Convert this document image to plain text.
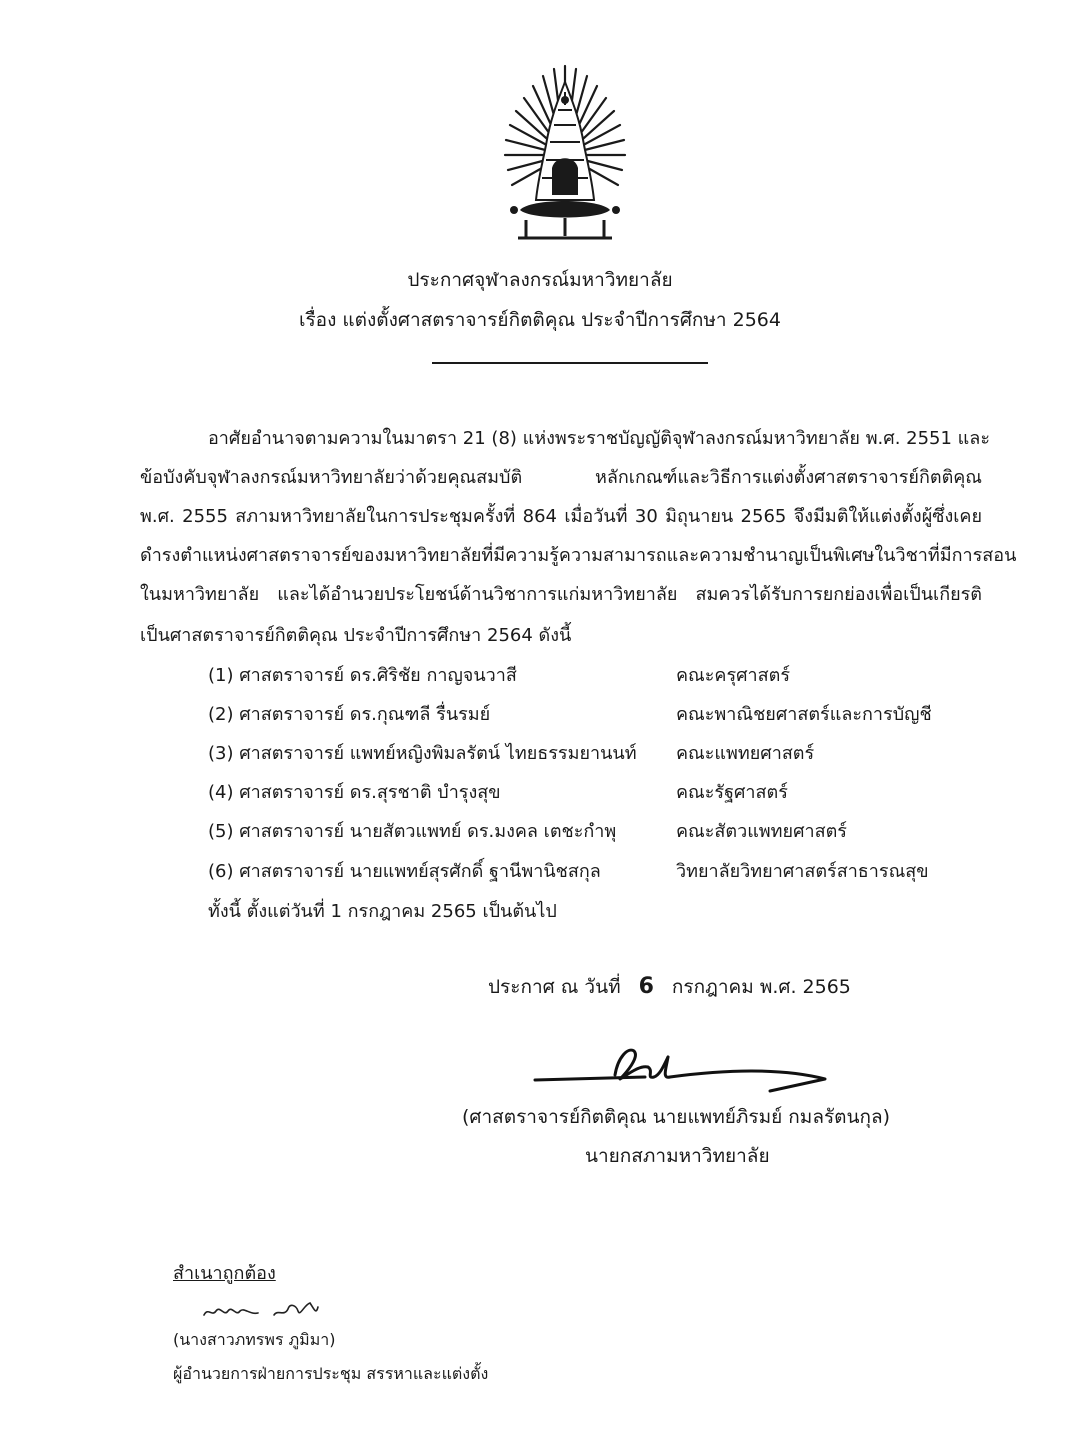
ประกาศจุฬาลงกรณ์มหาวิทยาลัย
เรื่อง แต่งตั้งศาสตราจารย์กิตติคุณ ประจำปีการศึกษา 2564
อาศัยอำนาจตามความในมาตรา 21 (8) แห่งพระราชบัญญัติจุฬาลงกรณ์มหาวิทยาลัย พ.ศ. 2551 และ
ข้อบังคับจุฬาลงกรณ์มหาวิทยาลัยว่าด้วยคุณสมบัติ หลักเกณฑ์และวิธีการแต่งตั้งศาสตราจารย์กิตติคุณ
พ.ศ. 2555 สภามหาวิทยาลัยในการประชุมครั้งที่ 864 เมื่อวันที่ 30 มิถุนายน 2565 จึงมีมติให้แต่งตั้งผู้ซึ่งเคย
ดำรงตำแหน่งศาสตราจารย์ของมหาวิทยาลัยที่มีความรู้ความสามารถและความชำนาญเป็นพิเศษในวิชาที่มีการสอน
ในมหาวิทยาลัย และได้อำนวยประโยชน์ด้านวิชาการแก่มหาวิทยาลัย สมควรได้รับการยกย่องเพื่อเป็นเกียรติ
เป็นศาสตราจารย์กิตติคุณ ประจำปีการศึกษา 2564 ดังนี้
(1) ศาสตราจารย์ ดร.ศิริชัย กาญจนวาสี	คณะครุศาสตร์
(2) ศาสตราจารย์ ดร.กุณฑลี รื่นรมย์	คณะพาณิชยศาสตร์และการบัญชี
(3) ศาสตราจารย์ แพทย์หญิงพิมลรัตน์ ไทยธรรมยานนท์ คณะแพทยศาสตร์
(4) ศาสตราจารย์ ดร.สุรชาติ บำรุงสุข	คณะรัฐศาสตร์
(5) ศาสตราจารย์ นายสัตวแพทย์ ดร.มงคล เตชะกำพุ	คณะสัตวแพทยศาสตร์
(6) ศาสตราจารย์ นายแพทย์สุรศักดิ์ ฐานีพานิชสกุล	วิทยาลัยวิทยาศาสตร์สาธารณสุข
ทั้งนี้ ตั้งแต่วันที่ 1 กรกฎาคม 2565 เป็นต้นไป
ประกาศ ณ วันที่ 6 กรกฎาคม พ.ศ. 2565
(ศาสตราจารย์กิตติคุณ นายแพทย์ภิรมย์ กมลรัตนกุล)
นายกสภามหาวิทยาลัย
สำเนาถูกต้อง
(นางสาวภทรพร ภูมิมา)
ผู้อำนวยการฝ่ายการประชุม สรรหาและแต่งตั้ง
